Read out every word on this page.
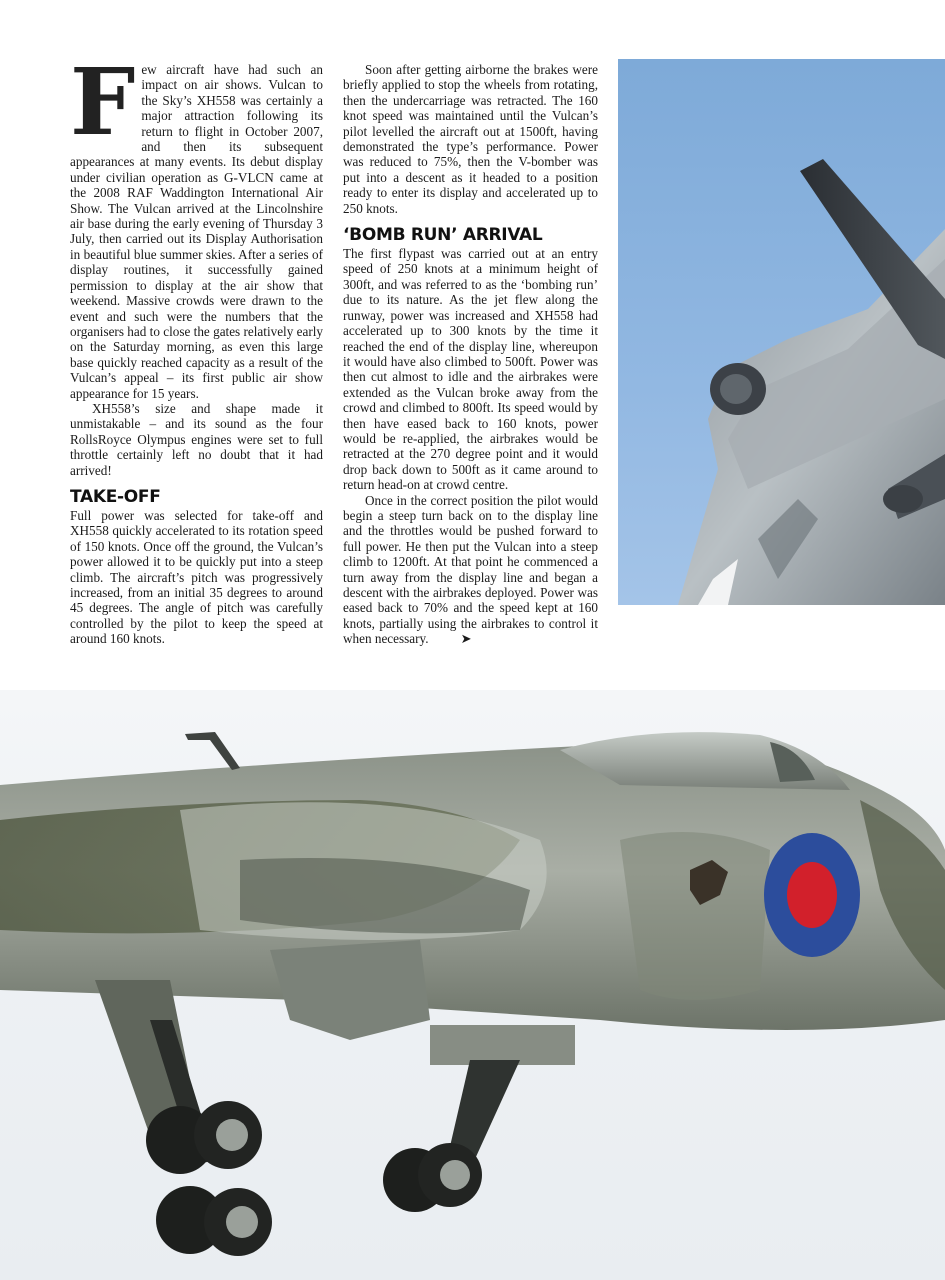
Few aircraft have had such an impact on air shows. Vulcan to the Sky’s XH558 was certainly a major attraction following its return to flight in October 2007, and then its subsequent appearances at many events. Its debut display under civilian operation as G-VLCN came at the 2008 RAF Waddington International Air Show. The Vulcan arrived at the Lincolnshire air base during the early evening of Thursday 3 July, then carried out its Display Authorisation in beautiful blue summer skies. After a series of display routines, it successfully gained permission to display at the air show that weekend. Massive crowds were drawn to the event and such were the numbers that the organisers had to close the gates relatively early on the Saturday morning, as even this large base quickly reached capacity as a result of the Vulcan’s appeal – its first public air show appearance for 15 years.

XH558’s size and shape made it unmistakable – and its sound as the four RollsRoyce Olympus engines were set to full throttle certainly left no doubt that it had arrived!

TAKE-OFF

Full power was selected for take-off and XH558 quickly accelerated to its rotation speed of 150 knots. Once off the ground, the Vulcan’s power allowed it to be quickly put into a steep climb. The aircraft’s pitch was progressively increased, from an initial 35 degrees to around 45 degrees. The angle of pitch was carefully controlled by the pilot to keep the speed at around 160 knots.

Soon after getting airborne the brakes were briefly applied to stop the wheels from rotating, then the undercarriage was retracted. The 160 knot speed was maintained until the Vulcan’s pilot levelled the aircraft out at 1500ft, having demonstrated the type’s performance. Power was reduced to 75%, then the V-bomber was put into a descent as it headed to a position ready to enter its display and accelerated up to 250 knots.

‘BOMB RUN’ ARRIVAL

The first flypast was carried out at an entry speed of 250 knots at a minimum height of 300ft, and was referred to as the ‘bombing run’ due to its nature. As the jet flew along the runway, power was increased and XH558 had accelerated up to 300 knots by the time it reached the end of the display line, whereupon it would have also climbed to 500ft. Power was then cut almost to idle and the airbrakes were extended as the Vulcan broke away from the crowd and climbed to 800ft. Its speed would by then have eased back to 160 knots, power would be re-applied, the airbrakes would be retracted at the 270 degree point and it would drop back down to 500ft as it came around to return head-on at crowd centre.

Once in the correct position the pilot would begin a steep turn back on to the display line and the throttles would be pushed forward to full power. He then put the Vulcan into a steep climb to 1200ft. At that point he commenced a turn away from the display line and began a descent with the airbrakes deployed. Power was eased back to 70% and the speed kept at 160 knots, partially using the airbrakes to control it when necessary. ➤
